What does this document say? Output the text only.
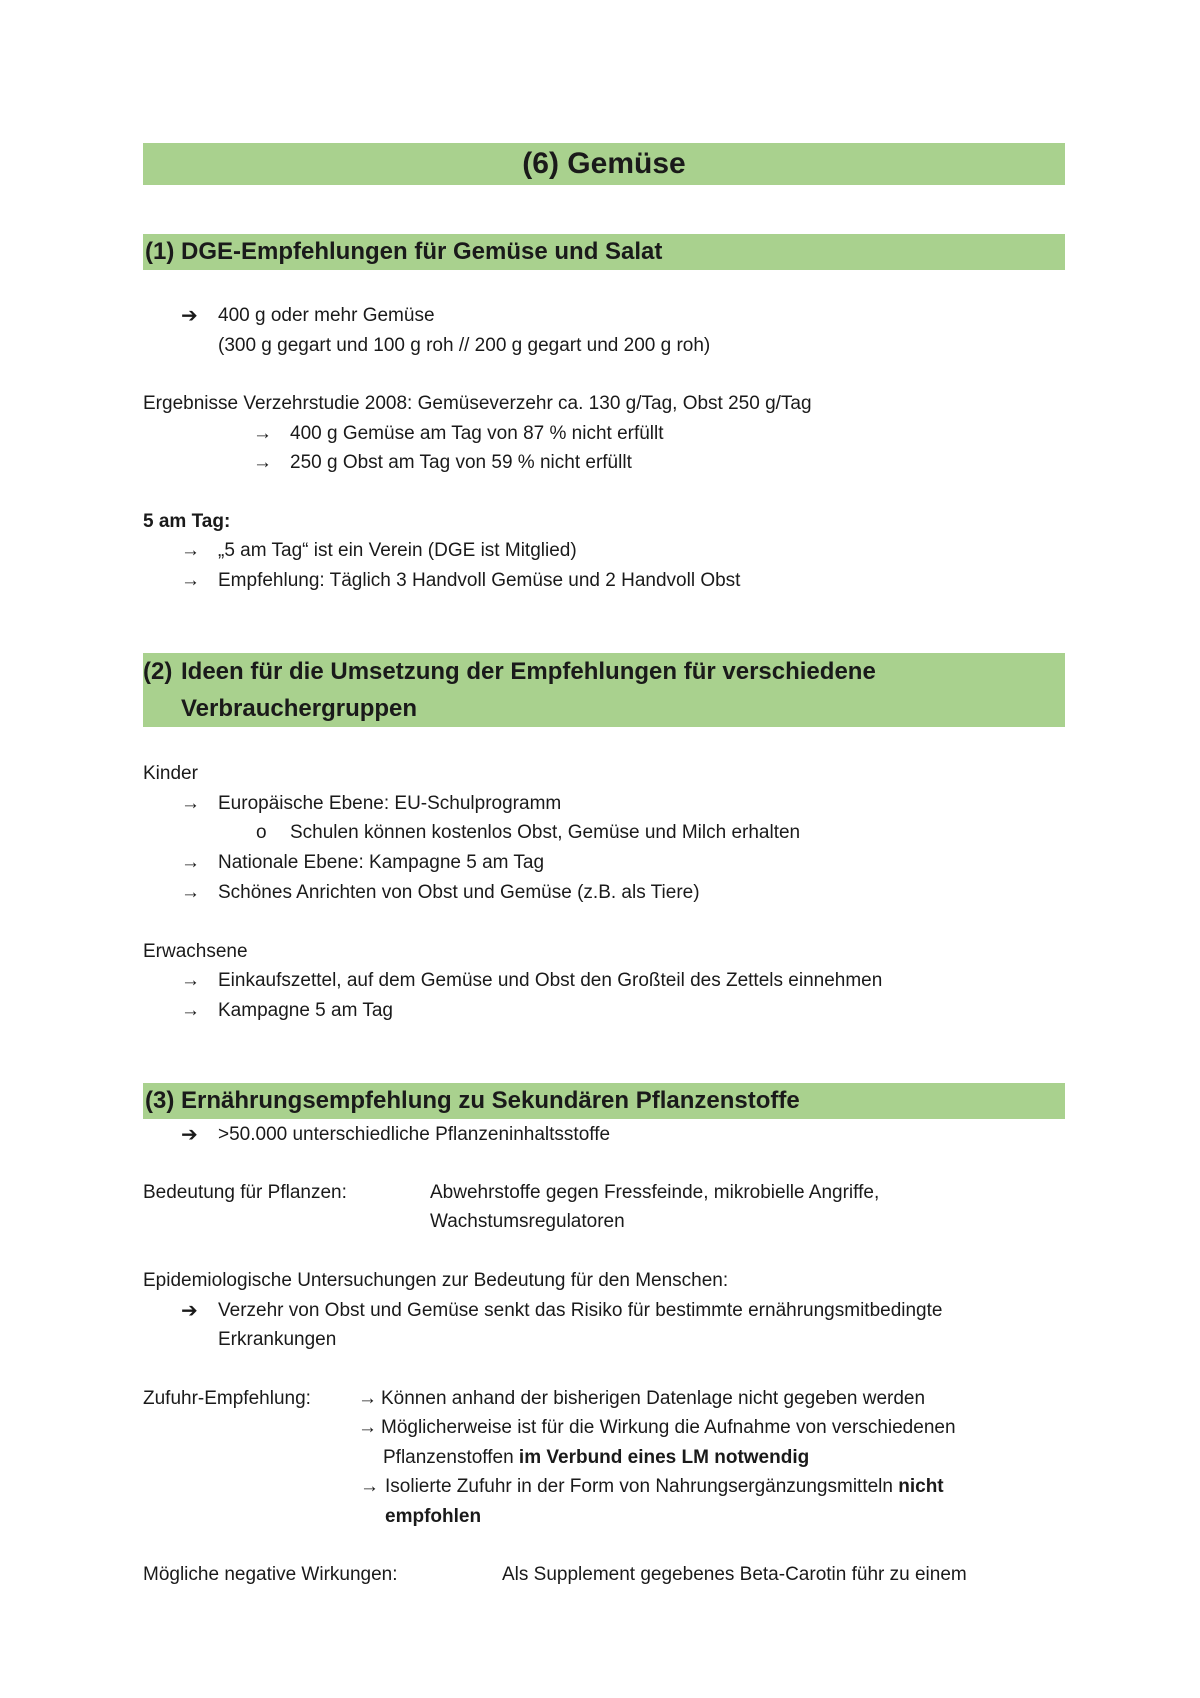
(6) Gemüse
(1) DGE-Empfehlungen für Gemüse und Salat
➔ 400 g oder mehr Gemüse
(300 g gegart und 100 g roh // 200 g gegart und 200 g roh)
Ergebnisse Verzehrstudie 2008: Gemüseverzehr ca. 130 g/Tag, Obst 250 g/Tag
→ 400 g Gemüse am Tag von 87 % nicht erfüllt
→ 250 g Obst am Tag von 59 % nicht erfüllt
5 am Tag:
→ „5 am Tag“ ist ein Verein (DGE ist Mitglied)
→ Empfehlung: Täglich 3 Handvoll Gemüse und 2 Handvoll Obst
(2) Ideen für die Umsetzung der Empfehlungen für verschiedene
Verbrauchergruppen
Kinder
→ Europäische Ebene: EU-Schulprogramm
o Schulen können kostenlos Obst, Gemüse und Milch erhalten
→ Nationale Ebene: Kampagne 5 am Tag
→ Schönes Anrichten von Obst und Gemüse (z.B. als Tiere)
Erwachsene
→ Einkaufszettel, auf dem Gemüse und Obst den Großteil des Zettels einnehmen
→ Kampagne 5 am Tag
(3) Ernährungsempfehlung zu Sekundären Pflanzenstoffe
➔ >50.000 unterschiedliche Pflanzeninhaltsstoffe
Bedeutung für Pflanzen:	Abwehrstoffe gegen Fressfeinde, mikrobielle Angriffe,
Wachstumsregulatoren
Epidemiologische Untersuchungen zur Bedeutung für den Menschen:
➔ Verzehr von Obst und Gemüse senkt das Risiko für bestimmte ernährungsmitbedingte
Erkrankungen
Zufuhr-Empfehlung: → Können anhand der bisherigen Datenlage nicht gegeben werden
→ Möglicherweise ist für die Wirkung die Aufnahme von verschiedenen
Pflanzenstoffen im Verbund eines LM notwendig
→ Isolierte Zufuhr in der Form von Nahrungsergänzungsmitteln nicht
empfohlen
Mögliche negative Wirkungen:	Als Supplement gegebenes Beta-Carotin führ zu einem
